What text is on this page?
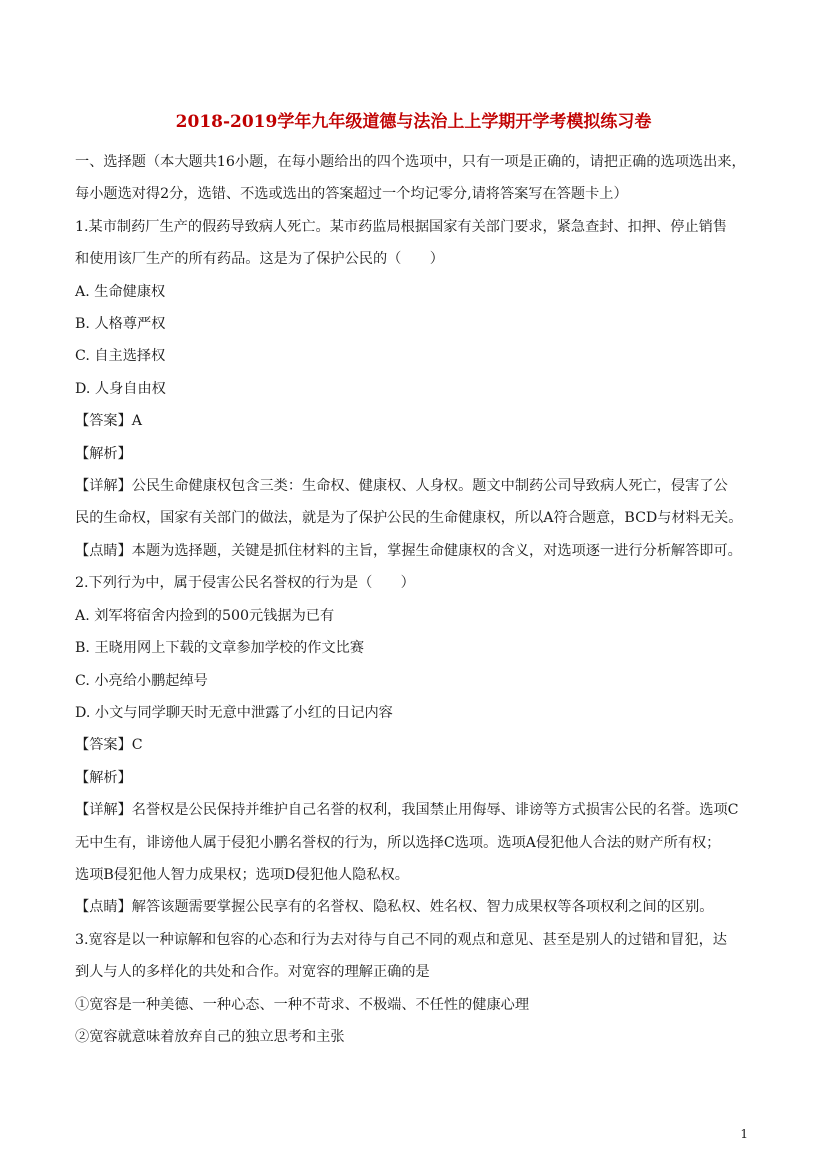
2018-2019学年九年级道德与法治上上学期开学考模拟练习卷

一、选择题（本大题共16小题，在每小题给出的四个选项中，只有一项是正确的，请把正确的选项选出来，

每小题选对得2分，选错、不选或选出的答案超过一个均记零分,请将答案写在答题卡上）

1.某市制药厂生产的假药导致病人死亡。某市药监局根据国家有关部门要求，紧急查封、扣押、停止销售

和使用该厂生产的所有药品。这是为了保护公民的（　　）

A. 生命健康权

B. 人格尊严权

C. 自主选择权

D. 人身自由权

【答案】A

【解析】

【详解】公民生命健康权包含三类：生命权、健康权、人身权。题文中制药公司导致病人死亡，侵害了公

民的生命权，国家有关部门的做法，就是为了保护公民的生命健康权，所以A符合题意，BCD与材料无关。

【点睛】本题为选择题，关键是抓住材料的主旨，掌握生命健康权的含义，对选项逐一进行分析解答即可。

2.下列行为中，属于侵害公民名誉权的行为是（　　）

A. 刘军将宿舍内捡到的500元钱据为已有

B. 王晓用网上下载的文章参加学校的作文比赛

C. 小亮给小鹏起绰号

D. 小文与同学聊天时无意中泄露了小红的日记内容

【答案】C

【解析】

【详解】名誉权是公民保持并维护自己名誉的权利，我国禁止用侮辱、诽谤等方式损害公民的名誉。选项C

无中生有，诽谤他人属于侵犯小鹏名誉权的行为，所以选择C选项。选项A侵犯他人合法的财产所有权；

选项B侵犯他人智力成果权；选项D侵犯他人隐私权。

【点睛】解答该题需要掌握公民享有的名誉权、隐私权、姓名权、智力成果权等各项权利之间的区别。

3.宽容是以一种谅解和包容的心态和行为去对待与自己不同的观点和意见、甚至是别人的过错和冒犯，达

到人与人的多样化的共处和合作。对宽容的理解正确的是

①宽容是一种美德、一种心态、一种不苛求、不极端、不任性的健康心理

②宽容就意味着放弃自己的独立思考和主张

1
